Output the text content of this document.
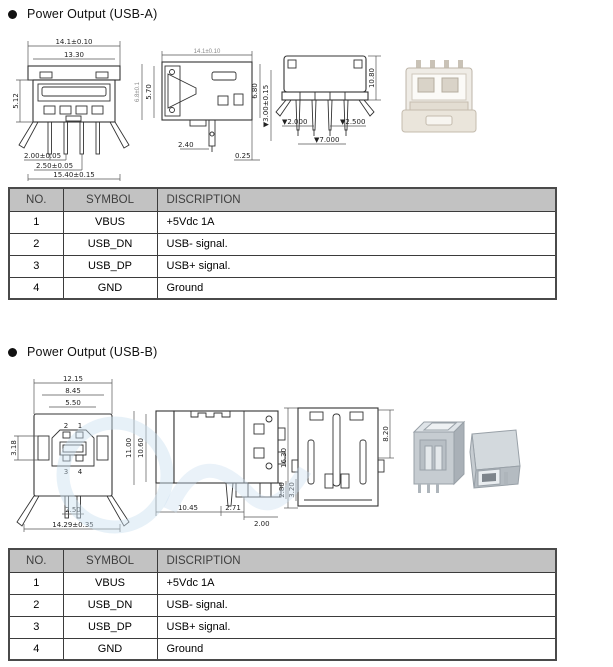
Power Output (USB-A)
14.1±0.10
13.30
5.12
2.00±0.05
2.50±0.05
15.40±0.15
14.1±0.10
6.8±0.1 5.70	6.80 ▼3.00±0.15
2.40
0.25
10.80
▼2.000	▼2.500
▼7.000
NO.	SYMBOL	DISCRIPTION
1	VBUS	+5Vdc 1A
2	USB_DN	USB- signal.
3	USB_DP	USB+ signal.
4	GND	Ground
Power Output (USB-B)
12.15
8.45
5.50
2 1
3 4
3.18
2.50
14.29±0.35
11.00 10.60
2.80 3.20
10.45	2.71
2.00
16.30
8.20
NO.	SYMBOL	DISCRIPTION
1	VBUS	+5Vdc 1A
2	USB_DN	USB- signal.
3	USB_DP	USB+ signal.
4	GND	Ground
